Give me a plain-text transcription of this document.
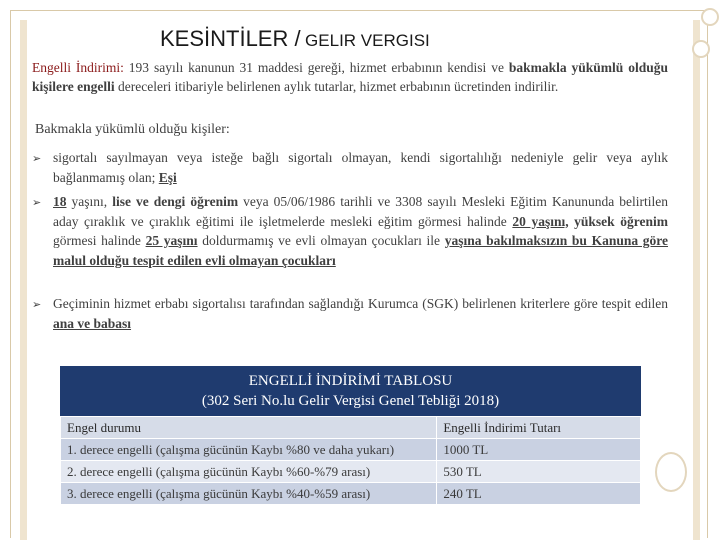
KESİNTİLER / GELIR VERGISI
Engelli İndirimi: 193 sayılı kanunun 31 maddesi gereği, hizmet erbabının kendisi ve bakmakla yükümlü olduğu kişilere engelli dereceleri itibariyle belirlenen aylık tutarlar, hizmet erbabının ücretinden indirilir.
Bakmakla yükümlü olduğu kişiler:
➢ sigortalı sayılmayan veya isteğe bağlı sigortalı olmayan, kendi sigortalılığı nedeniyle gelir veya aylık bağlanmamış olan; Eşi
➢ 18 yaşını, lise ve dengi öğrenim veya 05/06/1986 tarihli ve 3308 sayılı Mesleki Eğitim Kanununda belirtilen aday çıraklık ve çıraklık eğitimi ile işletmelerde mesleki eğitim görmesi halinde 20 yaşını, yüksek öğrenim görmesi halinde 25 yaşını doldurmamış ve evli olmayan çocukları ile yaşına bakılmaksızın bu Kanuna göre malul olduğu tespit edilen evli olmayan çocukları
➢ Geçiminin hizmet erbabı sigortalısı tarafından sağlandığı Kurumca (SGK) belirlenen kriterlere göre tespit edilen ana ve babası
ENGELLİ İNDİRİMİ TABLOSU
(302 Seri No.lu Gelir Vergisi Genel Tebliği 2018)
Engel durumu	Engelli İndirimi Tutarı
1. derece engelli (çalışma gücünün Kaybı %80 ve daha yukarı)	1000 TL
2. derece engelli (çalışma gücünün Kaybı %60-%79 arası)	530 TL
3. derece engelli (çalışma gücünün Kaybı %40-%59 arası)	240 TL
